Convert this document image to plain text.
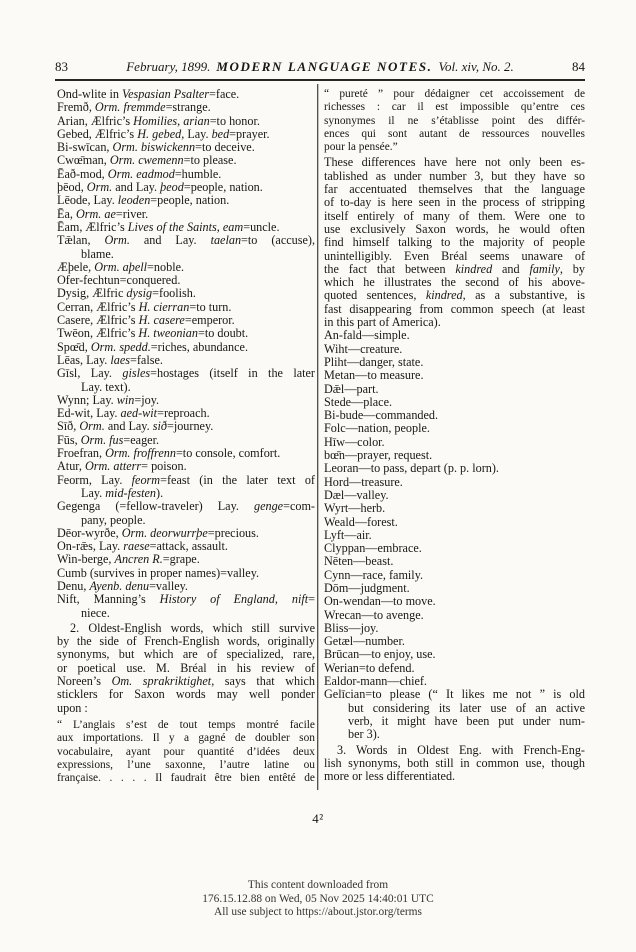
83	February, 1899. MODERN LANGUAGE NOTES. Vol. xiv, No. 2.	84
Ond-wlite in Vespasian Psalter=face.
Fremð, Orm. fremmde=strange.
Arian, Ælfric’s Homilies, arian=to honor.
Gebed, Ælfric’s H. gebed, Lay. bed=prayer.
Bi-swīcan, Orm. biswickenn=to deceive.
Cwœ̄man, Orm. cwemenn=to please.
Ēað-mod, Orm. eadmod=humble.
þēod, Orm. and Lay. þeod=people, nation.
Lēode, Lay. leoden=people, nation.
Ēa, Orm. ae=river.
Ēam, Ælfric’s Lives of the Saints, eam=uncle.
Tǣlan, Orm. and Lay. taelan=to (accuse),
blame.
Æþele, Orm. aþell=noble.
Ofer-fechtun=conquered.
Dysig, Ælfric dysig=foolish.
Cerran, Ælfric’s H. cierran=to turn.
Casere, Ælfric’s H. casere=emperor.
Twēon, Ælfric’s H. tweonian=to doubt.
Spœ̄d, Orm. spedd.=riches, abundance.
Lēas, Lay. laes=false.
Gīsl, Lay. gisles=hostages (itself in the later
Lay. text).
Wynn; Lay. win=joy.
Ed-wit, Lay. aed-wit=reproach.
Sīð, Orm. and Lay. sið=journey.
Fūs, Orm. fus=eager.
Froefran, Orm. froffrenn=to console, comfort.
Atur, Orm. atterr= poison.
Feorm, Lay. feorm=feast (in the later text of
Lay. mid-festen).
Gegenga (=fellow-traveler) Lay. genge=com-
pany, people.
Dēor-wyrðe, Orm. deorwurrþe=precious.
On-rǣs, Lay. raese=attack, assault.
Win-berge, Ancren R.=grape.
Cumb (survives in proper names)=valley.
Denu, Ayenb. denu=valley.
Nift, Manning’s History of England, nift=
niece.
2. Oldest-English words, which still survive
by the side of French-English words, originally
synonyms, but which are of specialized, rare,
or poetical use. M. Bréal in his review of
Noreen’s Om. sprakriktighet, says that which
sticklers for Saxon words may well ponder
upon :
“ L’anglais s’est de tout temps montré facile
aux importations. Il y a gagné de doubler son
vocabulaire, ayant pour quantité d’idées deux
expressions, l’une saxonne, l’autre latine ou
française. . . . . Il faudrait être bien entêté de
“ pureté ” pour dédaigner cet accoissement de
richesses : car il est impossible qu’entre ces
synonymes il ne s’établisse point des différ-
ences qui sont autant de ressources nouvelles
pour la pensée.”
These differences have here not only been es-
tablished as under number 3, but they have so
far accentuated themselves that the language
of to-day is here seen in the process of stripping
itself entirely of many of them. Were one to
use exclusively Saxon words, he would often
find himself talking to the majority of people
unintelligibly. Even Bréal seems unaware of
the fact that between kindred and family, by
which he illustrates the second of his above-
quoted sentences, kindred, as a substantive, is
fast disappearing from common speech (at least
in this part of America).
An-fald—simple.
Wiht—creature.
Pliht—danger, state.
Metan—to measure.
Dǣl—part.
Stede—place.
Bi-bude—commanded.
Folc—nation, people.
Hīw—color.
bœ̄n—prayer, request.
Leoran—to pass, depart (p. p. lorn).
Hord—treasure.
Dæl—valley.
Wyrt—herb.
Weald—forest.
Lyft—air.
Clyppan—embrace.
Nēten—beast.
Cynn—race, family.
Dōm—judgment.
On-wendan—to move.
Wrecan—to avenge.
Bliss—joy.
Getæl—number.
Brūcan—to enjoy, use.
Werian=to defend.
Ealdor-mann—chief.
Gelīcian=to please (“ It likes me not ” is old
but considering its later use of an active
verb, it might have been put under num-
ber 3).
3. Words in Oldest Eng. with French-Eng-
lish synonyms, both still in common use, though
more or less differentiated.
4²
This content downloaded from
176.15.12.88 on Wed, 05 Nov 2025 14:40:01 UTC
All use subject to https://about.jstor.org/terms
